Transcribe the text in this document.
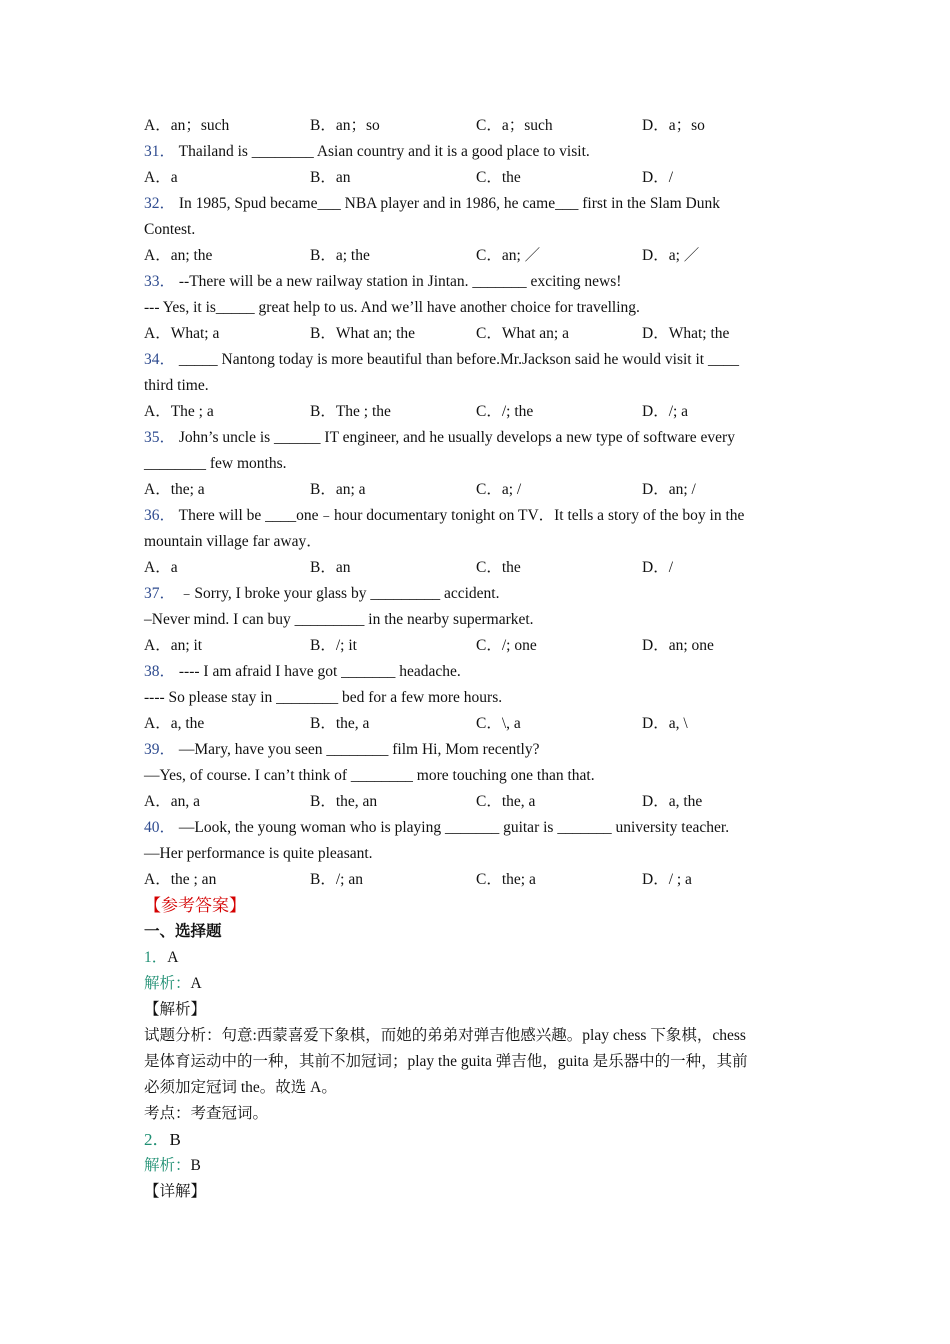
A．an；such	B．an；so	C．a；such	D．a；so
31． Thailand is ________ Asian country and it is a good place to visit.
A．a	B．an	C．the	D．/
32． In 1985, Spud became___ NBA player and in 1986, he came___ first in the Slam Dunk
Contest.
A．an; the	B．a; the	C．an; ／	D．a; ／
33． --There will be a new railway station in Jintan. _______ exciting news!
--- Yes, it is_____ great help to us. And we’ll have another choice for travelling.
A．What; a	B．What an; the	C．What an; a	D．What; the
34． _____ Nantong today is more beautiful than before.Mr.Jackson said he would visit it ____
third time.
A．The ; a	B．The ; the	C．/; the	D．/; a
35． John’s uncle is ______ IT engineer, and he usually develops a new type of software every
________ few months.
A．the; a	B．an; a	C．a; /	D．an; /
36． There will be ____one﹣hour documentary tonight on TV．It tells a story of the boy in the
mountain village far away．
A．a	B．an	C．the	D．/
37． ﹣Sorry, I broke your glass by _________ accident.
–Never mind. I can buy _________ in the nearby supermarket.
A．an; it	B．/; it	C．/; one	D．an; one
38． ---- I am afraid I have got _______ headache.
---- So please stay in ________ bed for a few more hours.
A．a, the	B．the, a	C．\, a	D．a, \
39． —Mary, have you seen ________ film Hi, Mom recently?
—Yes, of course. I can’t think of ________ more touching one than that.
A．an, a	B．the, an	C．the, a	D．a, the
40． —Look, the young woman who is playing _______ guitar is _______ university teacher.
—Her performance is quite pleasant.
A．the ; an	B．/; an	C．the; a	D．/ ; a
【参考答案】
一、选择题
1．A
解析：A
【解析】
试题分析：句意:西蒙喜爱下象棋，而她的弟弟对弹吉他感兴趣。play chess 下象棋，chess
是体育运动中的一种，其前不加冠词；play the guita 弹吉他，guita 是乐器中的一种，其前
必须加定冠词 the。故选 A。
考点：考查冠词。
2．B
解析：B
【详解】
